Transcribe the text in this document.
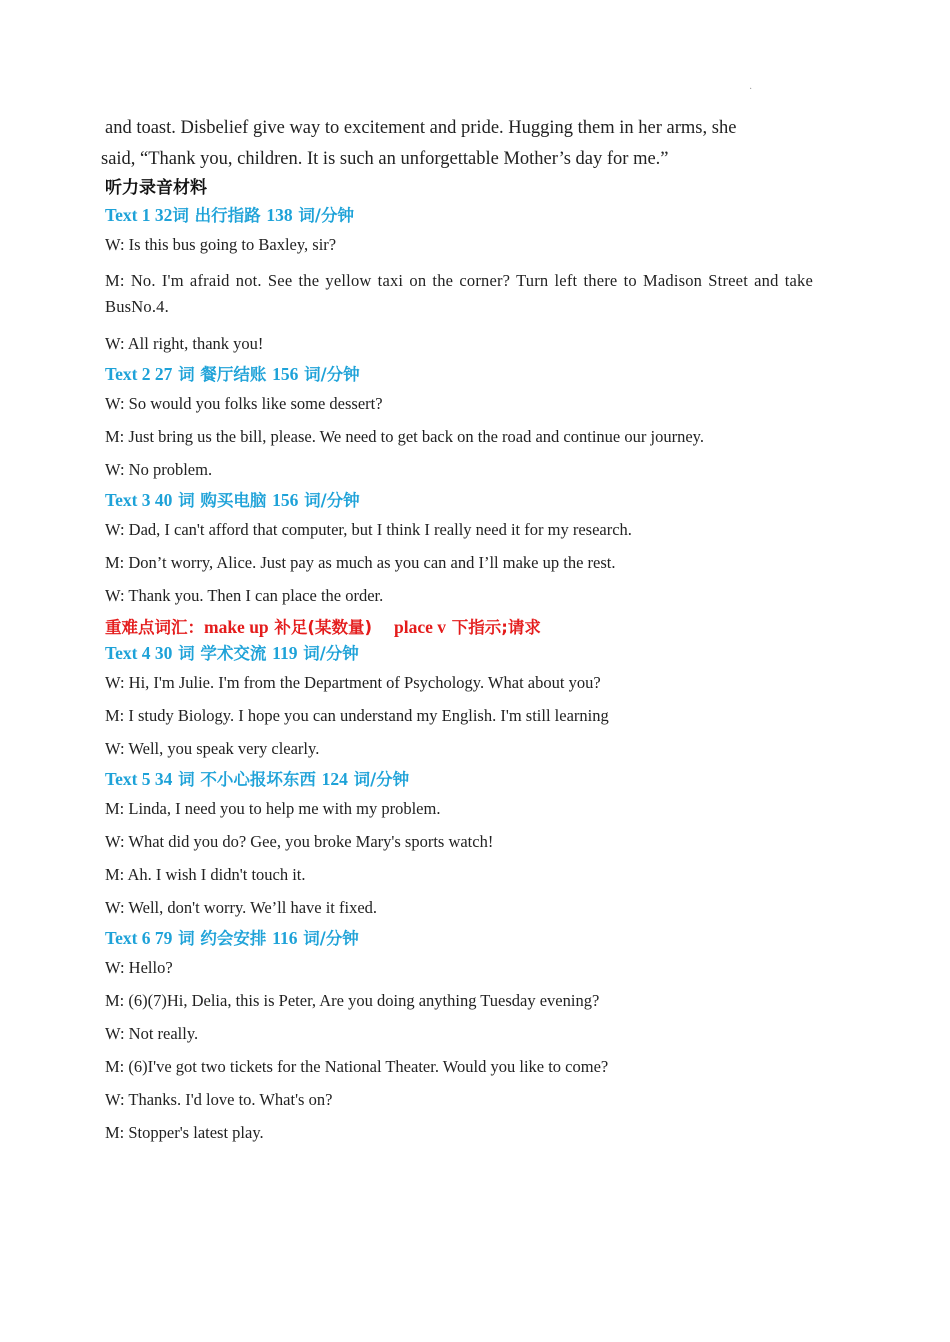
·
and toast. Disbelief give way to excitement and pride. Hugging them in her arms, she
said, “Thank you, children. It is such an unforgettable Mother’s day for me.”
听力录音材料
Text 1 32词 出行指路 138 词/分钟
W: Is this bus going to Baxley, sir?
M: No. I'm afraid not. See the yellow taxi on the corner? Turn left there to Madison Street and take BusNo.4.
W: All right, thank you!
Text 2 27 词 餐厅结账 156 词/分钟
W: So would you folks like some dessert?
M: Just bring us the bill, please. We need to get back on the road and continue our journey.
W: No problem.
Text 3 40 词 购买电脑 156 词/分钟
W: Dad, I can't afford that computer, but I think I really need it for my research.
M: Don’t worry, Alice. Just pay as much as you can and I’ll make up the rest.
W: Thank you. Then I can place the order.
重难点词汇：make up 补足(某数量) place v 下指示;请求
Text 4 30 词 学术交流 119 词/分钟
W: Hi, I'm Julie. I'm from the Department of Psychology. What about you?
M: I study Biology. I hope you can understand my English. I'm still learning
W: Well, you speak very clearly.
Text 5 34 词 不小心报坏东西 124 词/分钟
M: Linda, I need you to help me with my problem.
W: What did you do? Gee, you broke Mary's sports watch!
M: Ah. I wish I didn't touch it.
W: Well, don't worry. We’ll have it fixed.
Text 6 79 词 约会安排 116 词/分钟
W: Hello?
M: (6)(7)Hi, Delia, this is Peter, Are you doing anything Tuesday evening?
W: Not really.
M: (6)I've got two tickets for the National Theater. Would you like to come?
W: Thanks. I'd love to. What's on?
M: Stopper's latest play.
